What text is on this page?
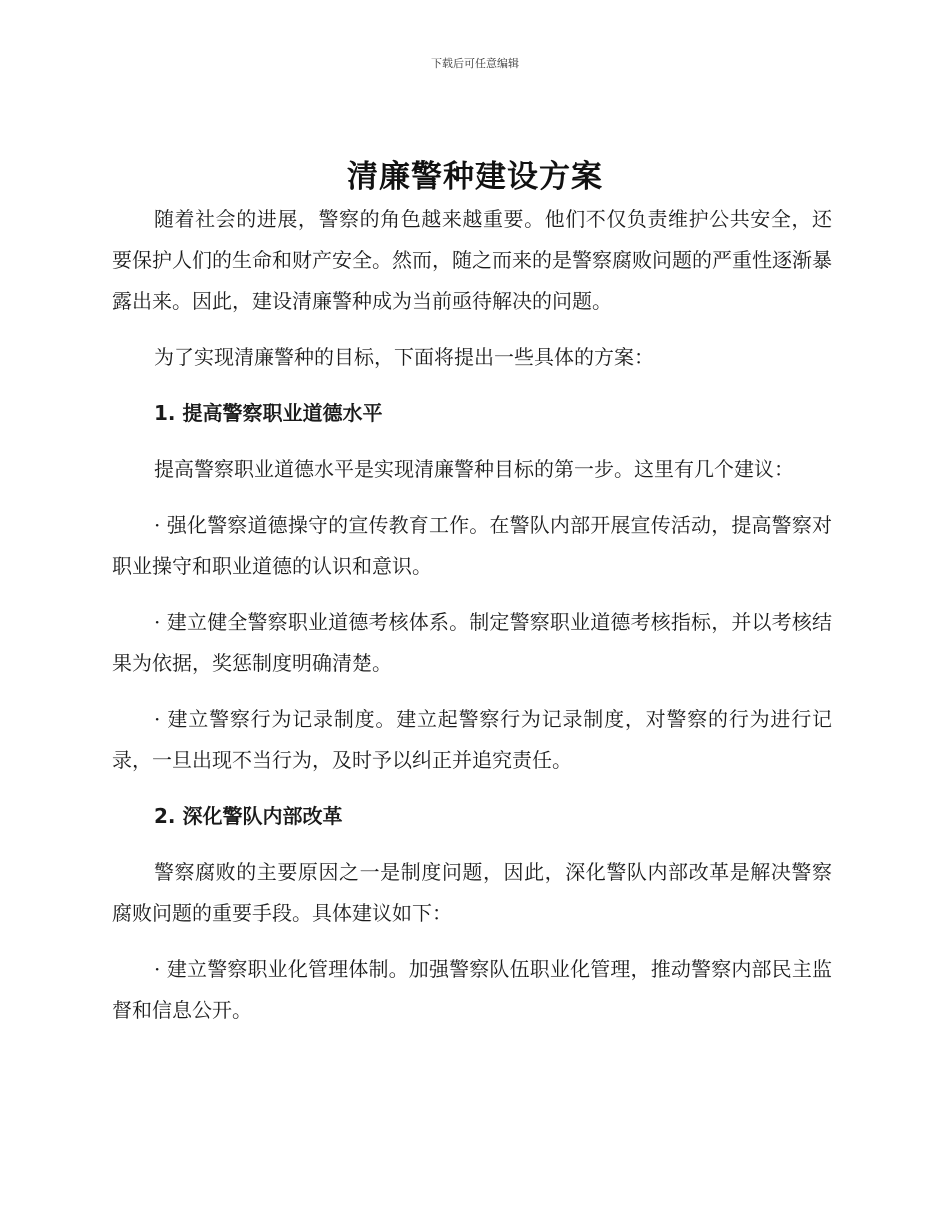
下载后可任意编辑
清廉警种建设方案

随着社会的进展，警察的角色越来越重要。他们不仅负责维护公共安全，还要保护人们的生命和财产安全。然而，随之而来的是警察腐败问题的严重性逐渐暴露出来。因此，建设清廉警种成为当前亟待解决的问题。

为了实现清廉警种的目标，下面将提出一些具体的方案：

1. 提高警察职业道德水平

提高警察职业道德水平是实现清廉警种目标的第一步。这里有几个建议：

· 强化警察道德操守的宣传教育工作。在警队内部开展宣传活动，提高警察对职业操守和职业道德的认识和意识。

· 建立健全警察职业道德考核体系。制定警察职业道德考核指标，并以考核结果为依据，奖惩制度明确清楚。

· 建立警察行为记录制度。建立起警察行为记录制度，对警察的行为进行记录，一旦出现不当行为，及时予以纠正并追究责任。

2. 深化警队内部改革

警察腐败的主要原因之一是制度问题，因此，深化警队内部改革是解决警察腐败问题的重要手段。具体建议如下：

· 建立警察职业化管理体制。加强警察队伍职业化管理，推动警察内部民主监督和信息公开。
